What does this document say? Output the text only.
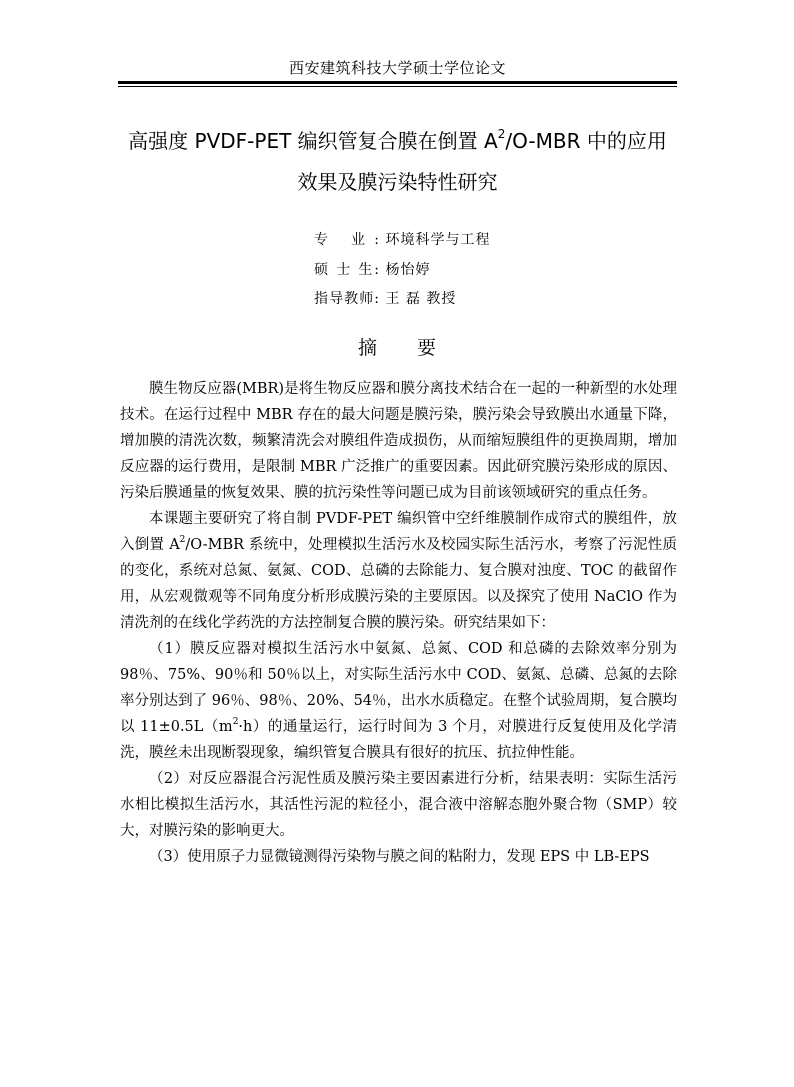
西安建筑科技大学硕士学位论文
高强度 PVDF-PET 编织管复合膜在倒置 $A^2/O$-MBR 中的应用
效果及膜污染特性研究
专 业: 环境科学与工程
硕 士 生: 杨怡婷
指导教师: 王 磊 教授
摘要

膜生物反应器(MBR)是将生物反应器和膜分离技术结合在一起的一种新型的水处理技术。在运行过程中 MBR 存在的最大问题是膜污染，膜污染会导致膜出水通量下降，增加膜的清洗次数，频繁清洗会对膜组件造成损伤，从而缩短膜组件的更换周期，增加反应器的运行费用，是限制 MBR 广泛推广的重要因素。因此研究膜污染形成的原因、污染后膜通量的恢复效果、膜的抗污染性等问题已成为目前该领域研究的重点任务。

本课题主要研究了将自制 PVDF-PET 编织管中空纤维膜制作成帘式的膜组件，放入倒置 $A^2/O$-MBR 系统中，处理模拟生活污水及校园实际生活污水，考察了污泥性质的变化，系统对总氮、氨氮、COD、总磷的去除能力、复合膜对浊度、TOC 的截留作用，从宏观微观等不同角度分析形成膜污染的主要原因。以及探究了使用 NaClO 作为清洗剂的在线化学药洗的方法控制复合膜的膜污染。研究结果如下：

（1）膜反应器对模拟生活污水中氨氮、总氮、COD 和总磷的去除效率分别为 98％、75%、90％和 50％以上，对实际生活污水中 COD、氨氮、总磷、总氮的去除率分别达到了 96％、98％、20%、54％，出水水质稳定。在整个试验周期，复合膜均以 $11\pm 0.5L(m^2\cdot h)$的通量运行，运行时间为 3 个月，对膜进行反复使用及化学清洗，膜丝未出现断裂现象，编织管复合膜具有很好的抗压、抗拉伸性能。

（2）对反应器混合污泥性质及膜污染主要因素进行分析，结果表明：实际生活污水相比模拟生活污水，其活性污泥的粒径小，混合液中溶解态胞外聚合物（SMP）较大，对膜污染的影响更大。

（3）使用原子力显微镜测得污染物与膜之间的粘附力，发现 EPS 中 LB-EPS
